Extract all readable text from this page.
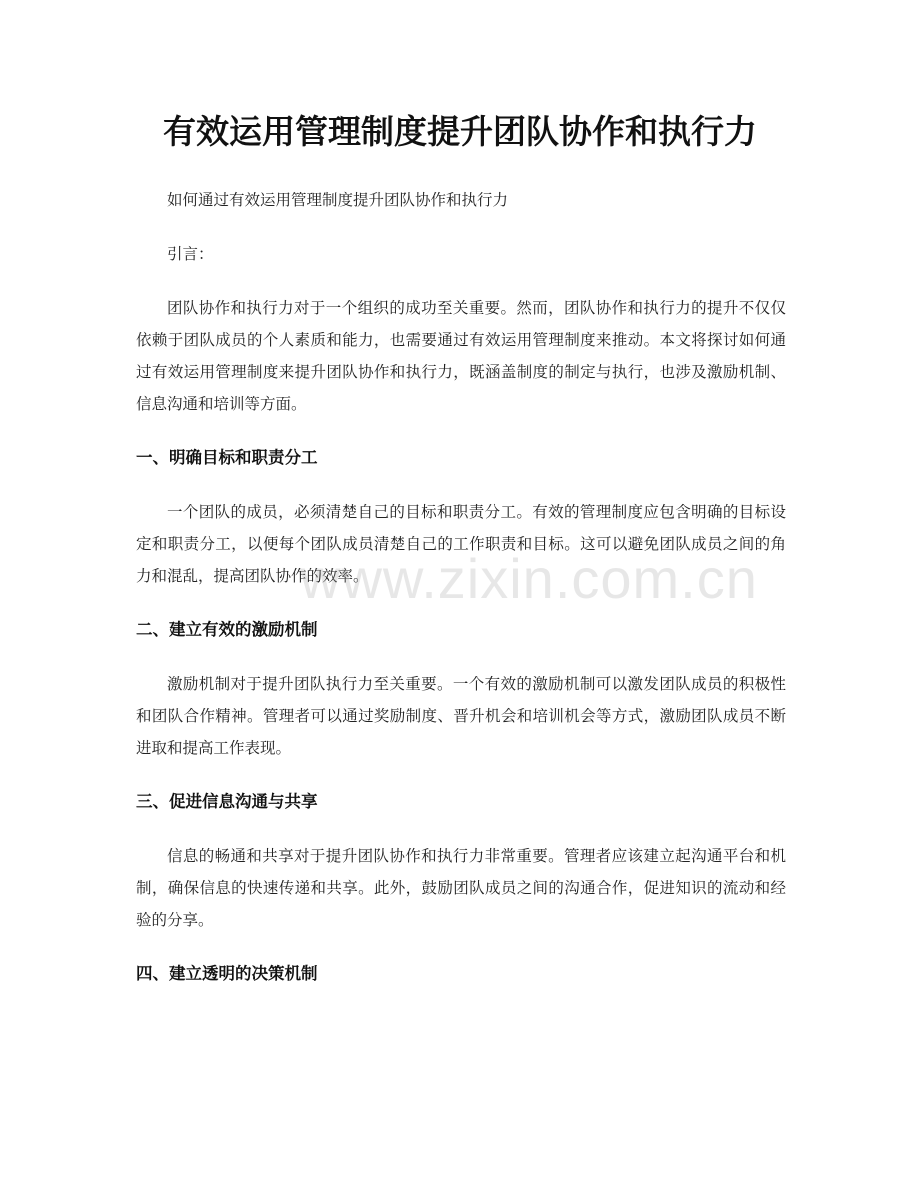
有效运用管理制度提升团队协作和执行力

如何通过有效运用管理制度提升团队协作和执行力

引言：

团队协作和执行力对于一个组织的成功至关重要。然而，团队协作和执行力的提升不仅仅依赖于团队成员的个人素质和能力，也需要通过有效运用管理制度来推动。本文将探讨如何通过有效运用管理制度来提升团队协作和执行力，既涵盖制度的制定与执行，也涉及激励机制、信息沟通和培训等方面。

一、明确目标和职责分工

一个团队的成员，必须清楚自己的目标和职责分工。有效的管理制度应包含明确的目标设定和职责分工，以便每个团队成员清楚自己的工作职责和目标。这可以避免团队成员之间的角力和混乱，提高团队协作的效率。

二、建立有效的激励机制

激励机制对于提升团队执行力至关重要。一个有效的激励机制可以激发团队成员的积极性和团队合作精神。管理者可以通过奖励制度、晋升机会和培训机会等方式，激励团队成员不断进取和提高工作表现。

三、促进信息沟通与共享

信息的畅通和共享对于提升团队协作和执行力非常重要。管理者应该建立起沟通平台和机制，确保信息的快速传递和共享。此外，鼓励团队成员之间的沟通合作，促进知识的流动和经验的分享。

四、建立透明的决策机制
www.zixin.com.cn
